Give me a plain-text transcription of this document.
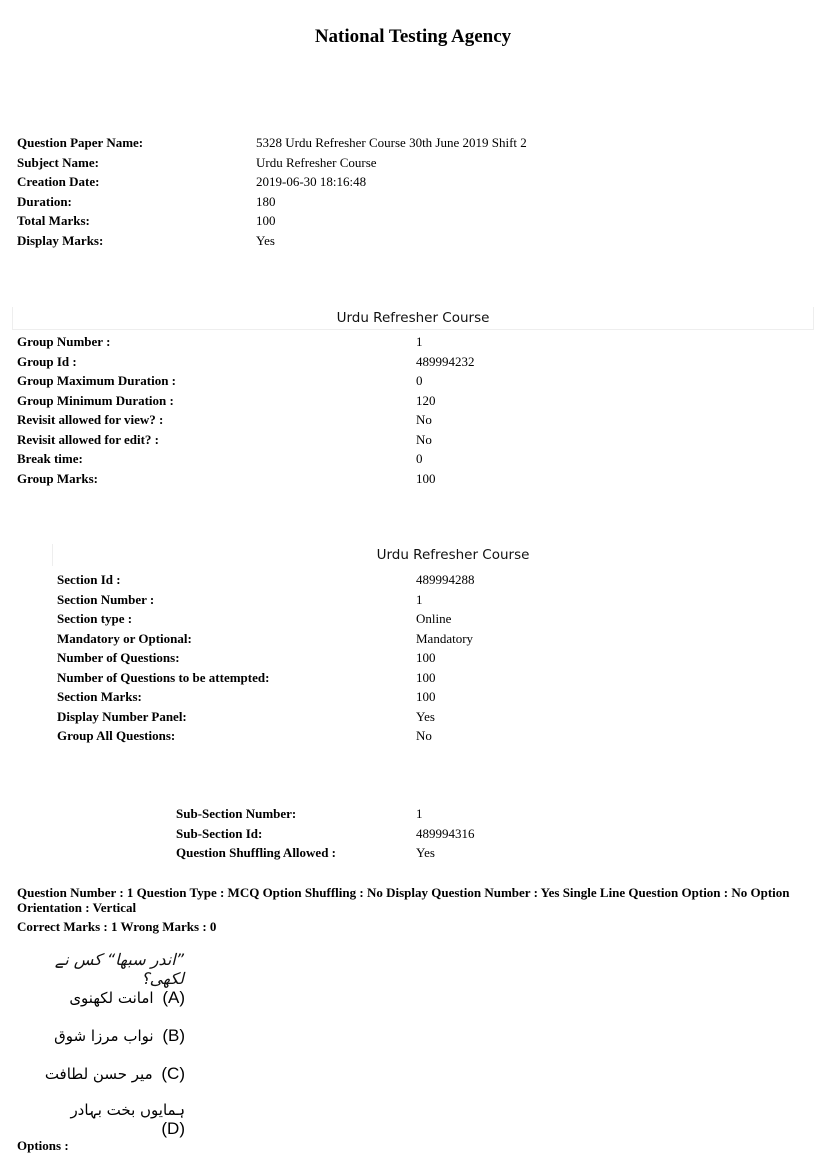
National Testing Agency
Question Paper Name:	5328 Urdu Refresher Course 30th June 2019 Shift 2
Subject Name:	Urdu Refresher Course
Creation Date:	2019-06-30 18:16:48
Duration:	180
Total Marks:	100
Display Marks:	Yes
Urdu Refresher Course
Group Number :	1
Group Id :	489994232
Group Maximum Duration :	0
Group Minimum Duration :	120
Revisit allowed for view? :	No
Revisit allowed for edit? :	No
Break time:	0
Group Marks:	100
Urdu Refresher Course
Section Id :	489994288
Section Number :	1
Section type :	Online
Mandatory or Optional:	Mandatory
Number of Questions:	100
Number of Questions to be attempted:	100
Section Marks:	100
Display Number Panel:	Yes
Group All Questions:	No
Sub-Section Number:	1
Sub-Section Id:	489994316
Question Shuffling Allowed :	Yes
Question Number : 1 Question Type : MCQ Option Shuffling : No Display Question Number : Yes Single Line Question Option : No Option Orientation : Vertical
Correct Marks : 1 Wrong Marks : 0
”اندر سبھا“ کس نے لکھی؟
امانت لکھنوی (A)
نواب مرزا شوق (B)
میر حسن لطافت (C)
ہمایوں بخت بہادر (D)
Options :
